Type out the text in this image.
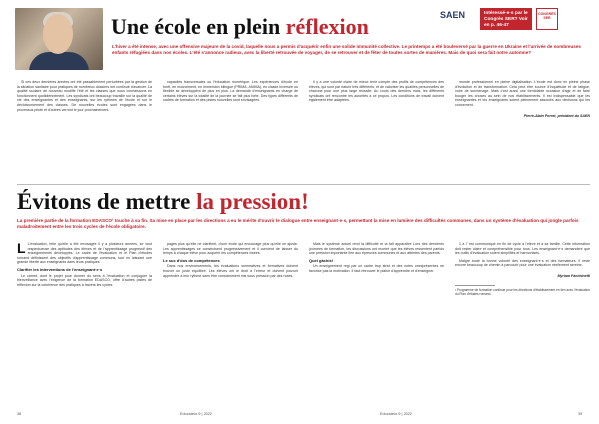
Une école en plein réflexion	SAEN	Intéressé·e·s par le Congrès SER? Voir en p. 46-47
CONGRÈS SER
L'hiver a été intense, avec une offensive majeure de la covid, laquelle nous a permis d'acquérir enfin une solide immunité collective. Le printemps a été bouleversé par la guerre en Ukraine et l'arrivée de nombreuses enfants réfugiées dans nos écoles. L'été s'annonce radieux, avec la liberté retrouvée de voyager, de se retrouver et de fêter de toutes sortes de manières. Mais de quoi sera fait notre automne?

Si ces deux dernières années ont été passablement perturbées par la gestion de la situation sanitaire pour pratiques de nombreux dossiers ont continué d'avancer. La qualité scolaire de nouveau modifié l'été et les classes que nous connaissons en fonctionnent quotidiennement. Les syndicats ont beaucoup travaillé sur la qualité de vie des enseignantes et des enseignants, sur les rythmes de l'école et sur le décloisonnement des classes. De nouvelles écoles sont engagées dans le processus pilote et d'autres verront le jour prochainement.

capacités transversales ou l'éducation numérique. Les expériences d'école en forêt, en mouvement, en immersion bilingue (PRIMA, ANIMA), en classe inversée ou flexible se développent de plus en plus. La demande d'enseignants en charge de certains élèves sur la totalité de la journée se fait plus forte. Des types différents de cadres de formation et des pistes nouvelles sont envisagées.

Il y a une volonté claire de mieux tenir compte des profils de compétences des élèves, qui sont par nature très différents, et de valoriser les qualités personnelles de chacune pour une plus large réussite. Au cours des derniers mois, les différents syndicats ont rencontré les autorités à ce propos. Les conditions de travail doivent également être adaptées.

monde professionnel en pleine digitalisation. L'école est donc en pleine phase d'évolution et de transformation. Cela peut être source d'inquiétude et de fatigue, voire de surmenage. Mais c'est aussi une formidable occasion d'agir et de faire bouger les choses au sein de nos établissements. Il est indispensable que les enseignantes et les enseignants soient pleinement associés aux décisions qui les concernent.

Pierre-Alain Porret, président du SAEN
Évitons de mettre la pression!
La première partie de la formation EDASCO¹ touche à sa fin. Sa mise en place par les directions a eu le mérite d'ouvrir le dialogue entre enseignant·e·s, permettant la mise en lumière des difficultés communes, dans un système d'évaluation qui jongle parfois maladroitement entre les trois cycles de l'école obligatoire.

L L'évaluation, telle qu'elle a été envisagée il y a plusieurs années, se veut respectueuse des aptitudes des élèves et de l'apprentissage progressif des enseignements développés. Le cadre de l'évaluation et le Plan d'études romand définissent des objectifs d'apprentissage communs, tout en laissant une grande liberté aux enseignants dans leurs pratiques.

Clarifier les interventions de l'enseignant·e·s

Le carnet, dont le projet pour donner du sens à l'évaluation et conjuguer la bienveillance avec l'exigence de la formation EDASCO, offre d'autres pistes de réflexion sur la cohérence des pratiques à travers les cycles.

pages plus qu'elle ne clarifient, d'une école qui encourage plus qu'elle ne ajuste. Les apprentissages se construisent progressivement et il convient de laisser du temps à chaque élève pour acquérir les compétences visées.

Le suc d'dos de compétences

Dans nos environnements, les évaluations sommatives et formatives doivent trouver un juste équilibre. Les élèves ont le droit à l'erreur et doivent pouvoir apprendre à leur rythme sans être constamment mis sous pression par des notes.

Mais le système actuel rend la difficulté et la fait apparaître Lors des dernières journées de formation, les discussions ont montré que les élèves ressentent parfois une pression importante liée aux épreuves communes et aux attentes des parents.

Quel gâchis!

Un enseignement régi par un cadre trop strict et des notes omniprésentes ne favorise pas la motivation. Il faut retrouver le plaisir d'apprendre et d'enseigner.

1 à 7 est communiqué en fin de cycle à l'élève et à sa famille. Cette information doit rester claire et compréhensible pour tous. Les enseignant·e·s demandent que les outils d'évaluation soient simplifiés et harmonisés.

Malgré toute la bonne volonté des enseignant·e·s et des formateurs, il reste encore beaucoup de chemin à parcourir pour une évaluation réellement sereine.

Myriam Facchinetti
¹ Programme de formation continue pour les directions d'établissement en lien avec l'évaluation du Plan d'études romand.
38	Educateur 6 | 2022	Educateur 6 | 2022	39
